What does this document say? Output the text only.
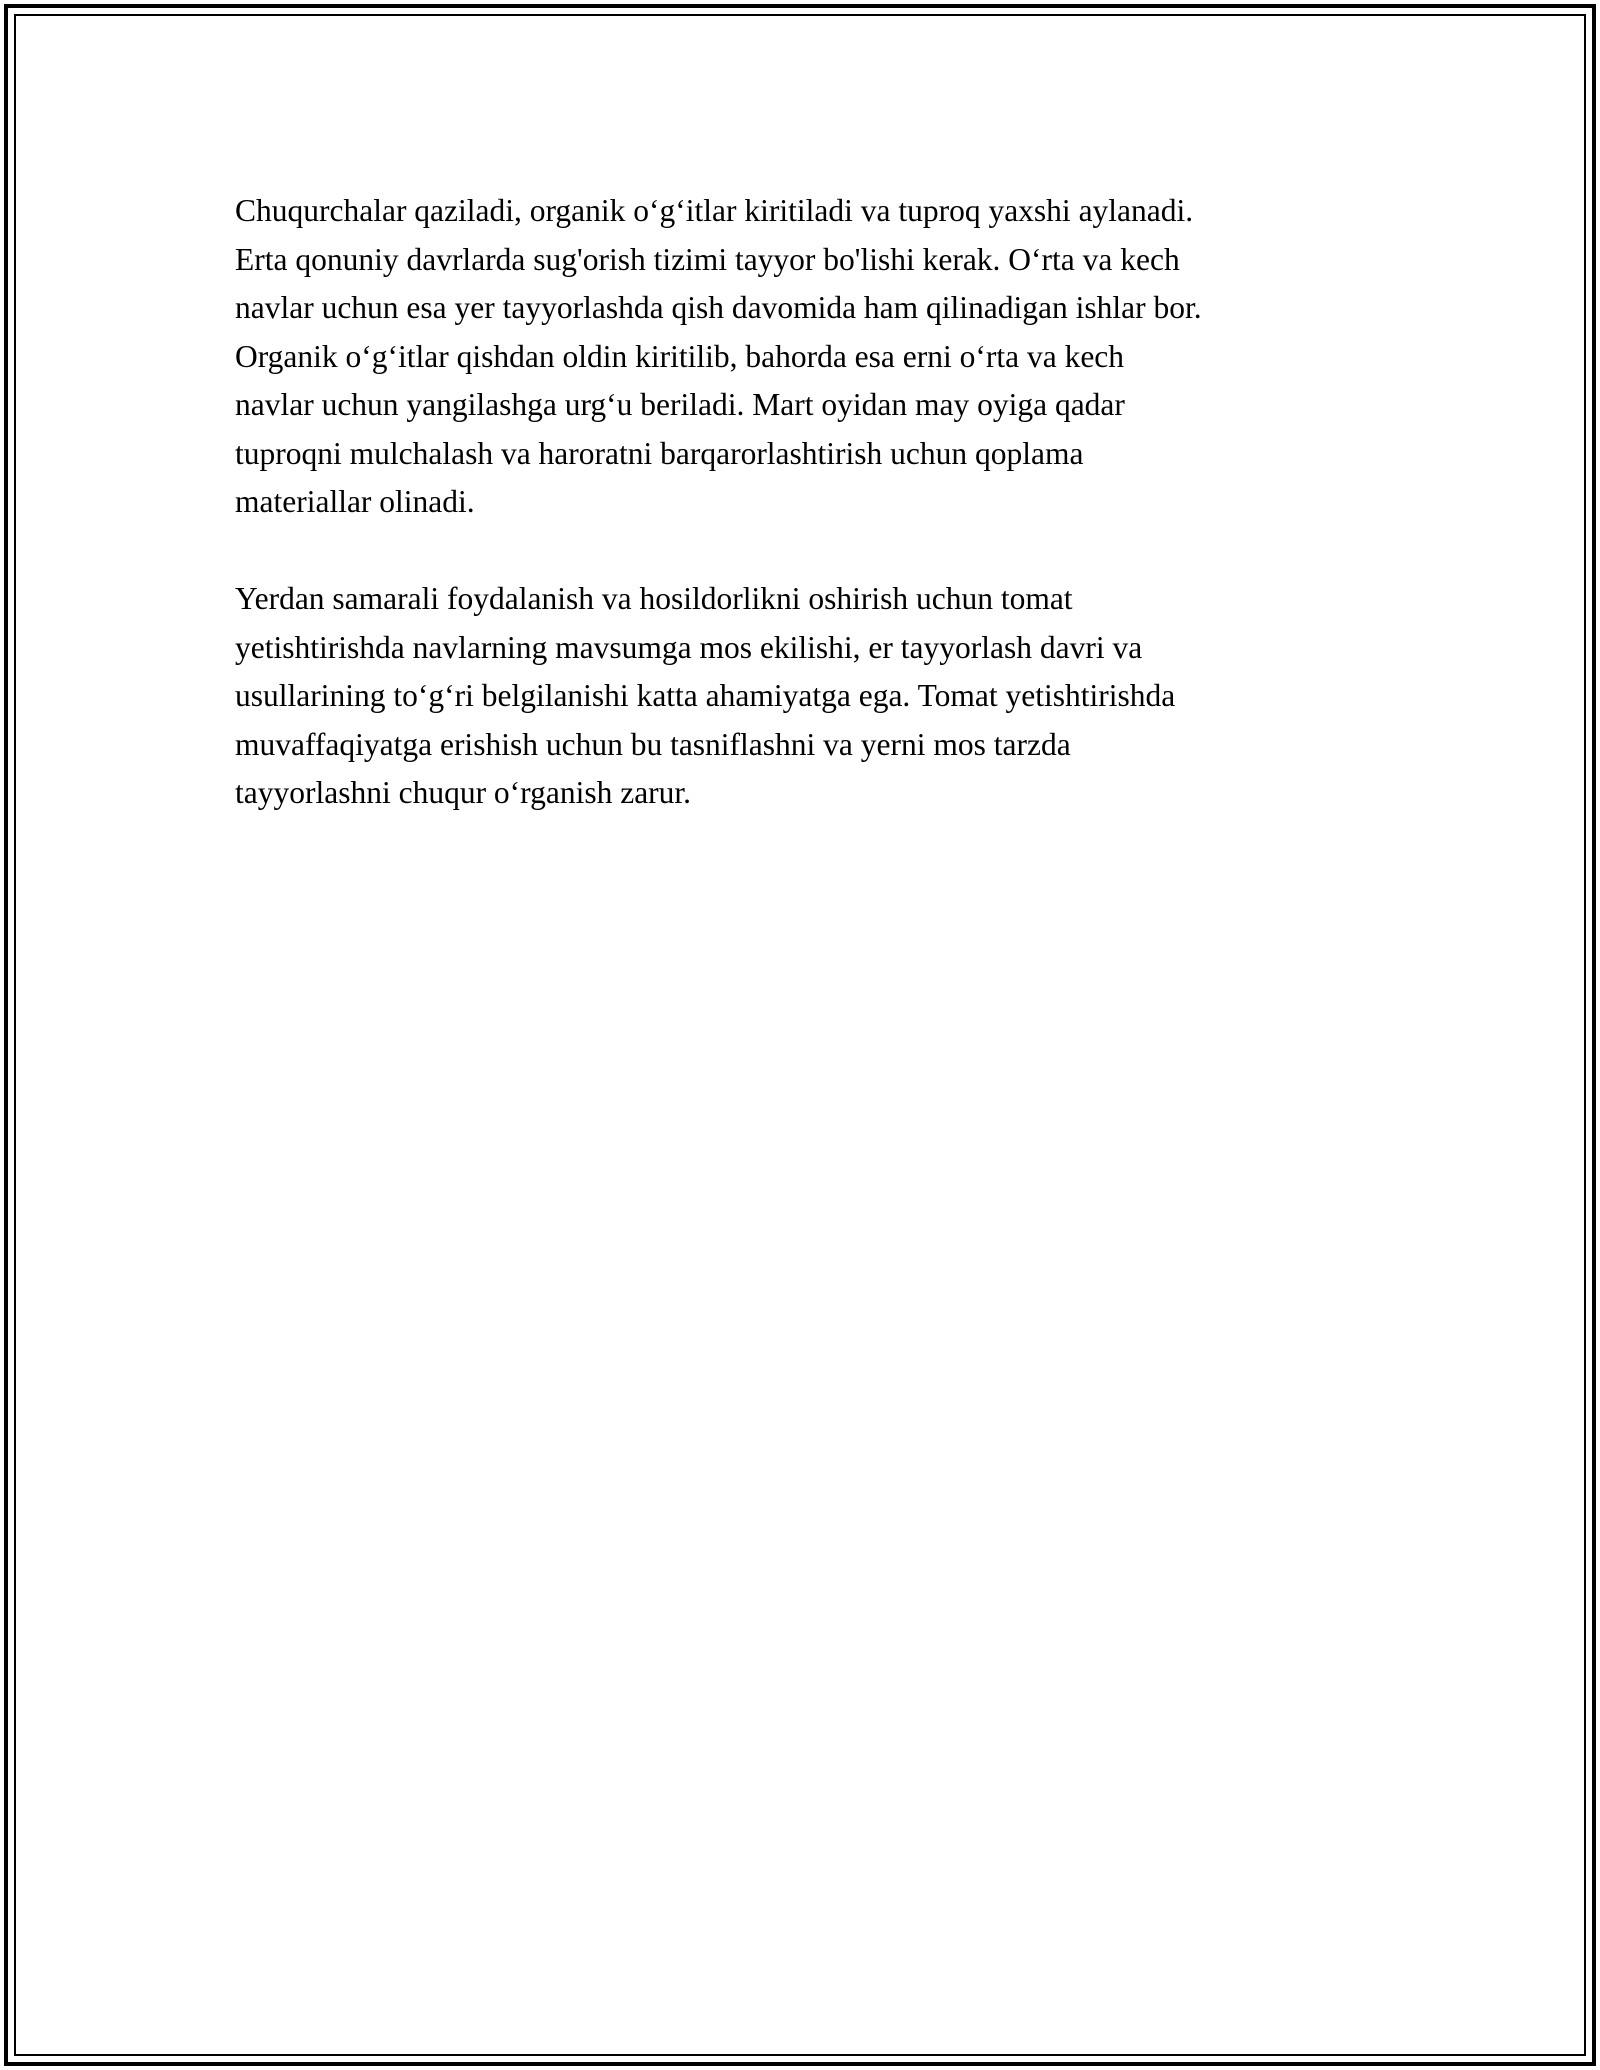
Chuqurchalar qaziladi, organik o‘g‘itlar kiritiladi va tuproq yaxshi aylanadi.
Erta qonuniy davrlarda sug'orish tizimi tayyor bo'lishi kerak. O‘rta va kech
navlar uchun esa yer tayyorlashda qish davomida ham qilinadigan ishlar bor.
Organik o‘g‘itlar qishdan oldin kiritilib, bahorda esa erni o‘rta va kech
navlar uchun yangilashga urg‘u beriladi. Mart oyidan may oyiga qadar
tuproqni mulchalash va haroratni barqarorlashtirish uchun qoplama
materiallar olinadi.

Yerdan samarali foydalanish va hosildorlikni oshirish uchun tomat
yetishtirishda navlarning mavsumga mos ekilishi, er tayyorlash davri va
usullarining to‘g‘ri belgilanishi katta ahamiyatga ega. Tomat yetishtirishda
muvaffaqiyatga erishish uchun bu tasniflashni va yerni mos tarzda
tayyorlashni chuqur o‘rganish zarur.
